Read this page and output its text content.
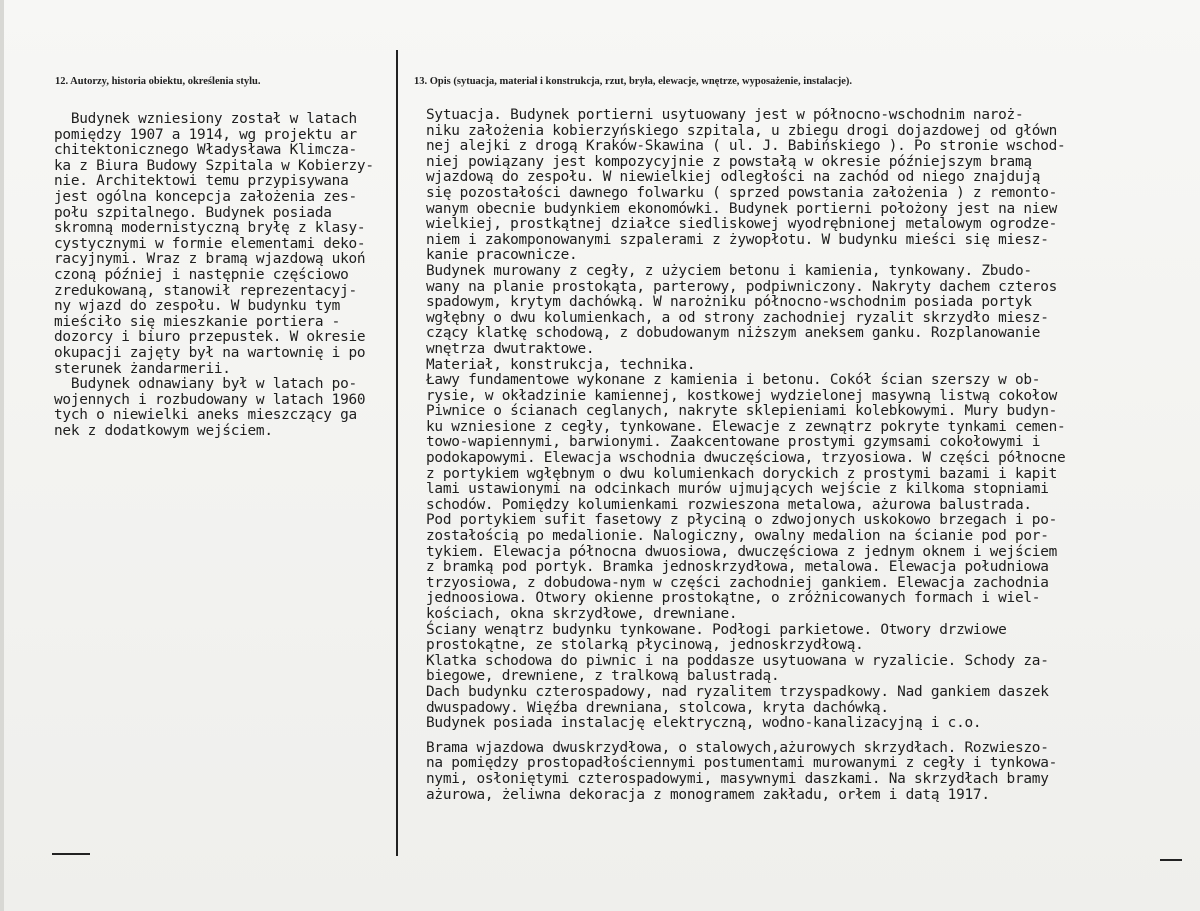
12. Autorzy, historia obiektu, określenia stylu.	13. Opis (sytuacja, materiał i konstrukcja, rzut, bryła, elewacje, wnętrze, wyposażenie, instalacje).
Budynek wzniesiony został w latach
pomiędzy 1907 a 1914, wg projektu ar
chitektonicznego Władysława Klimcza-
ka z Biura Budowy Szpitala w Kobierzy-
nie. Architektowi temu przypisywana
jest ogólna koncepcja założenia zes-
połu szpitalnego. Budynek posiada
skromną modernistyczną bryłę z klasy-
cystycznymi w formie elementami deko-
racyjnymi. Wraz z bramą wjazdową ukoń
czoną później i następnie częściowo
zredukowaną, stanowił reprezentacyj-
ny wjazd do zespołu. W budynku tym
mieściło się mieszkanie portiera -
dozorcy i biuro przepustek. W okresie
okupacji zajęty był na wartownię i po
sterunek żandarmerii.
Budynek odnawiany był w latach po-
wojennych i rozbudowany w latach 1960
tych o niewielki aneks mieszczący ga
nek z dodatkowym wejściem.
Sytuacja. Budynek portierni usytuowany jest w północno-wschodnim naroż-
niku założenia kobierzyńskiego szpitala, u zbiegu drogi dojazdowej od główn
nej alejki z drogą Kraków-Skawina ( ul. J. Babińskiego ). Po stronie wschod-
niej powiązany jest kompozycyjnie z powstałą w okresie późniejszym bramą
wjazdową do zespołu. W niewielkiej odległości na zachód od niego znajdują
się pozostałości dawnego folwarku ( sprzed powstania założenia ) z remonto-
wanym obecnie budynkiem ekonomówki. Budynek portierni położony jest na niew
wielkiej, prostkątnej działce siedliskowej wyodrębnionej metalowym ogrodze-
niem i zakomponowanymi szpalerami z żywopłotu. W budynku mieści się miesz-
kanie pracownicze.
Budynek murowany z cegły, z użyciem betonu i kamienia, tynkowany. Zbudo-
wany na planie prostokąta, parterowy, podpiwniczony. Nakryty dachem czteros
spadowym, krytym dachówką. W narożniku północno-wschodnim posiada portyk
wgłębny o dwu kolumienkach, a od strony zachodniej ryzalit skrzydło miesz-
czący klatkę schodową, z dobudowanym niższym aneksem ganku. Rozplanowanie
wnętrza dwutraktowe.
Materiał, konstrukcja, technika.
Ławy fundamentowe wykonane z kamienia i betonu. Cokół ścian szerszy w ob-
rysie, w okładzinie kamiennej, kostkowej wydzielonej masywną listwą cokołow
Piwnice o ścianach ceglanych, nakryte sklepieniami kolebkowymi. Mury budyn-
ku wzniesione z cegły, tynkowane. Elewacje z zewnątrz pokryte tynkami cemen-
towo-wapiennymi, barwionymi. Zaakcentowane prostymi gzymsami cokołowymi i
podokapowymi. Elewacja wschodnia dwuczęściowa, trzyosiowa. W części północne
z portykiem wgłębnym o dwu kolumienkach doryckich z prostymi bazami i kapit
lami ustawionymi na odcinkach murów ujmujących wejście z kilkoma stopniami
schodów. Pomiędzy kolumienkami rozwieszona metalowa, ażurowa balustrada.
Pod portykiem sufit fasetowy z płyciną o zdwojonych uskokowo brzegach i po-
zostałością po medalionie. Nalogiczny, owalny medalion na ścianie pod por-
tykiem. Elewacja północna dwuosiowa, dwuczęściowa z jednym oknem i wejściem
z bramką pod portyk. Bramka jednoskrzydłowa, metalowa. Elewacja południowa
trzyosiowa, z dobudowa-nym w części zachodniej gankiem. Elewacja zachodnia
jednoosiowa. Otwory okienne prostokątne, o zróżnicowanych formach i wiel-
kościach, okna skrzydłowe, drewniane.
Ściany wenątrz budynku tynkowane. Podłogi parkietowe. Otwory drzwiowe
prostokątne, ze stolarką płycinową, jednoskrzydłową.
Klatka schodowa do piwnic i na poddasze usytuowana w ryzalicie. Schody za-
biegowe, drewniene, z tralkową balustradą.
Dach budynku czterospadowy, nad ryzalitem trzyspadkowy. Nad gankiem daszek
dwuspadowy. Więźba drewniana, stolcowa, kryta dachówką.
Budynek posiada instalację elektryczną, wodno-kanalizacyjną i c.o.
Brama wjazdowa dwuskrzydłowa, o stalowych,ażurowych skrzydłach. Rozwieszo-
na pomiędzy prostopadłościennymi postumentami murowanymi z cegły i tynkowa-
nymi, osłoniętymi czterospadowymi, masywnymi daszkami. Na skrzydłach bramy
ażurowa, żeliwna dekoracja z monogramem zakładu, orłem i datą 1917.
